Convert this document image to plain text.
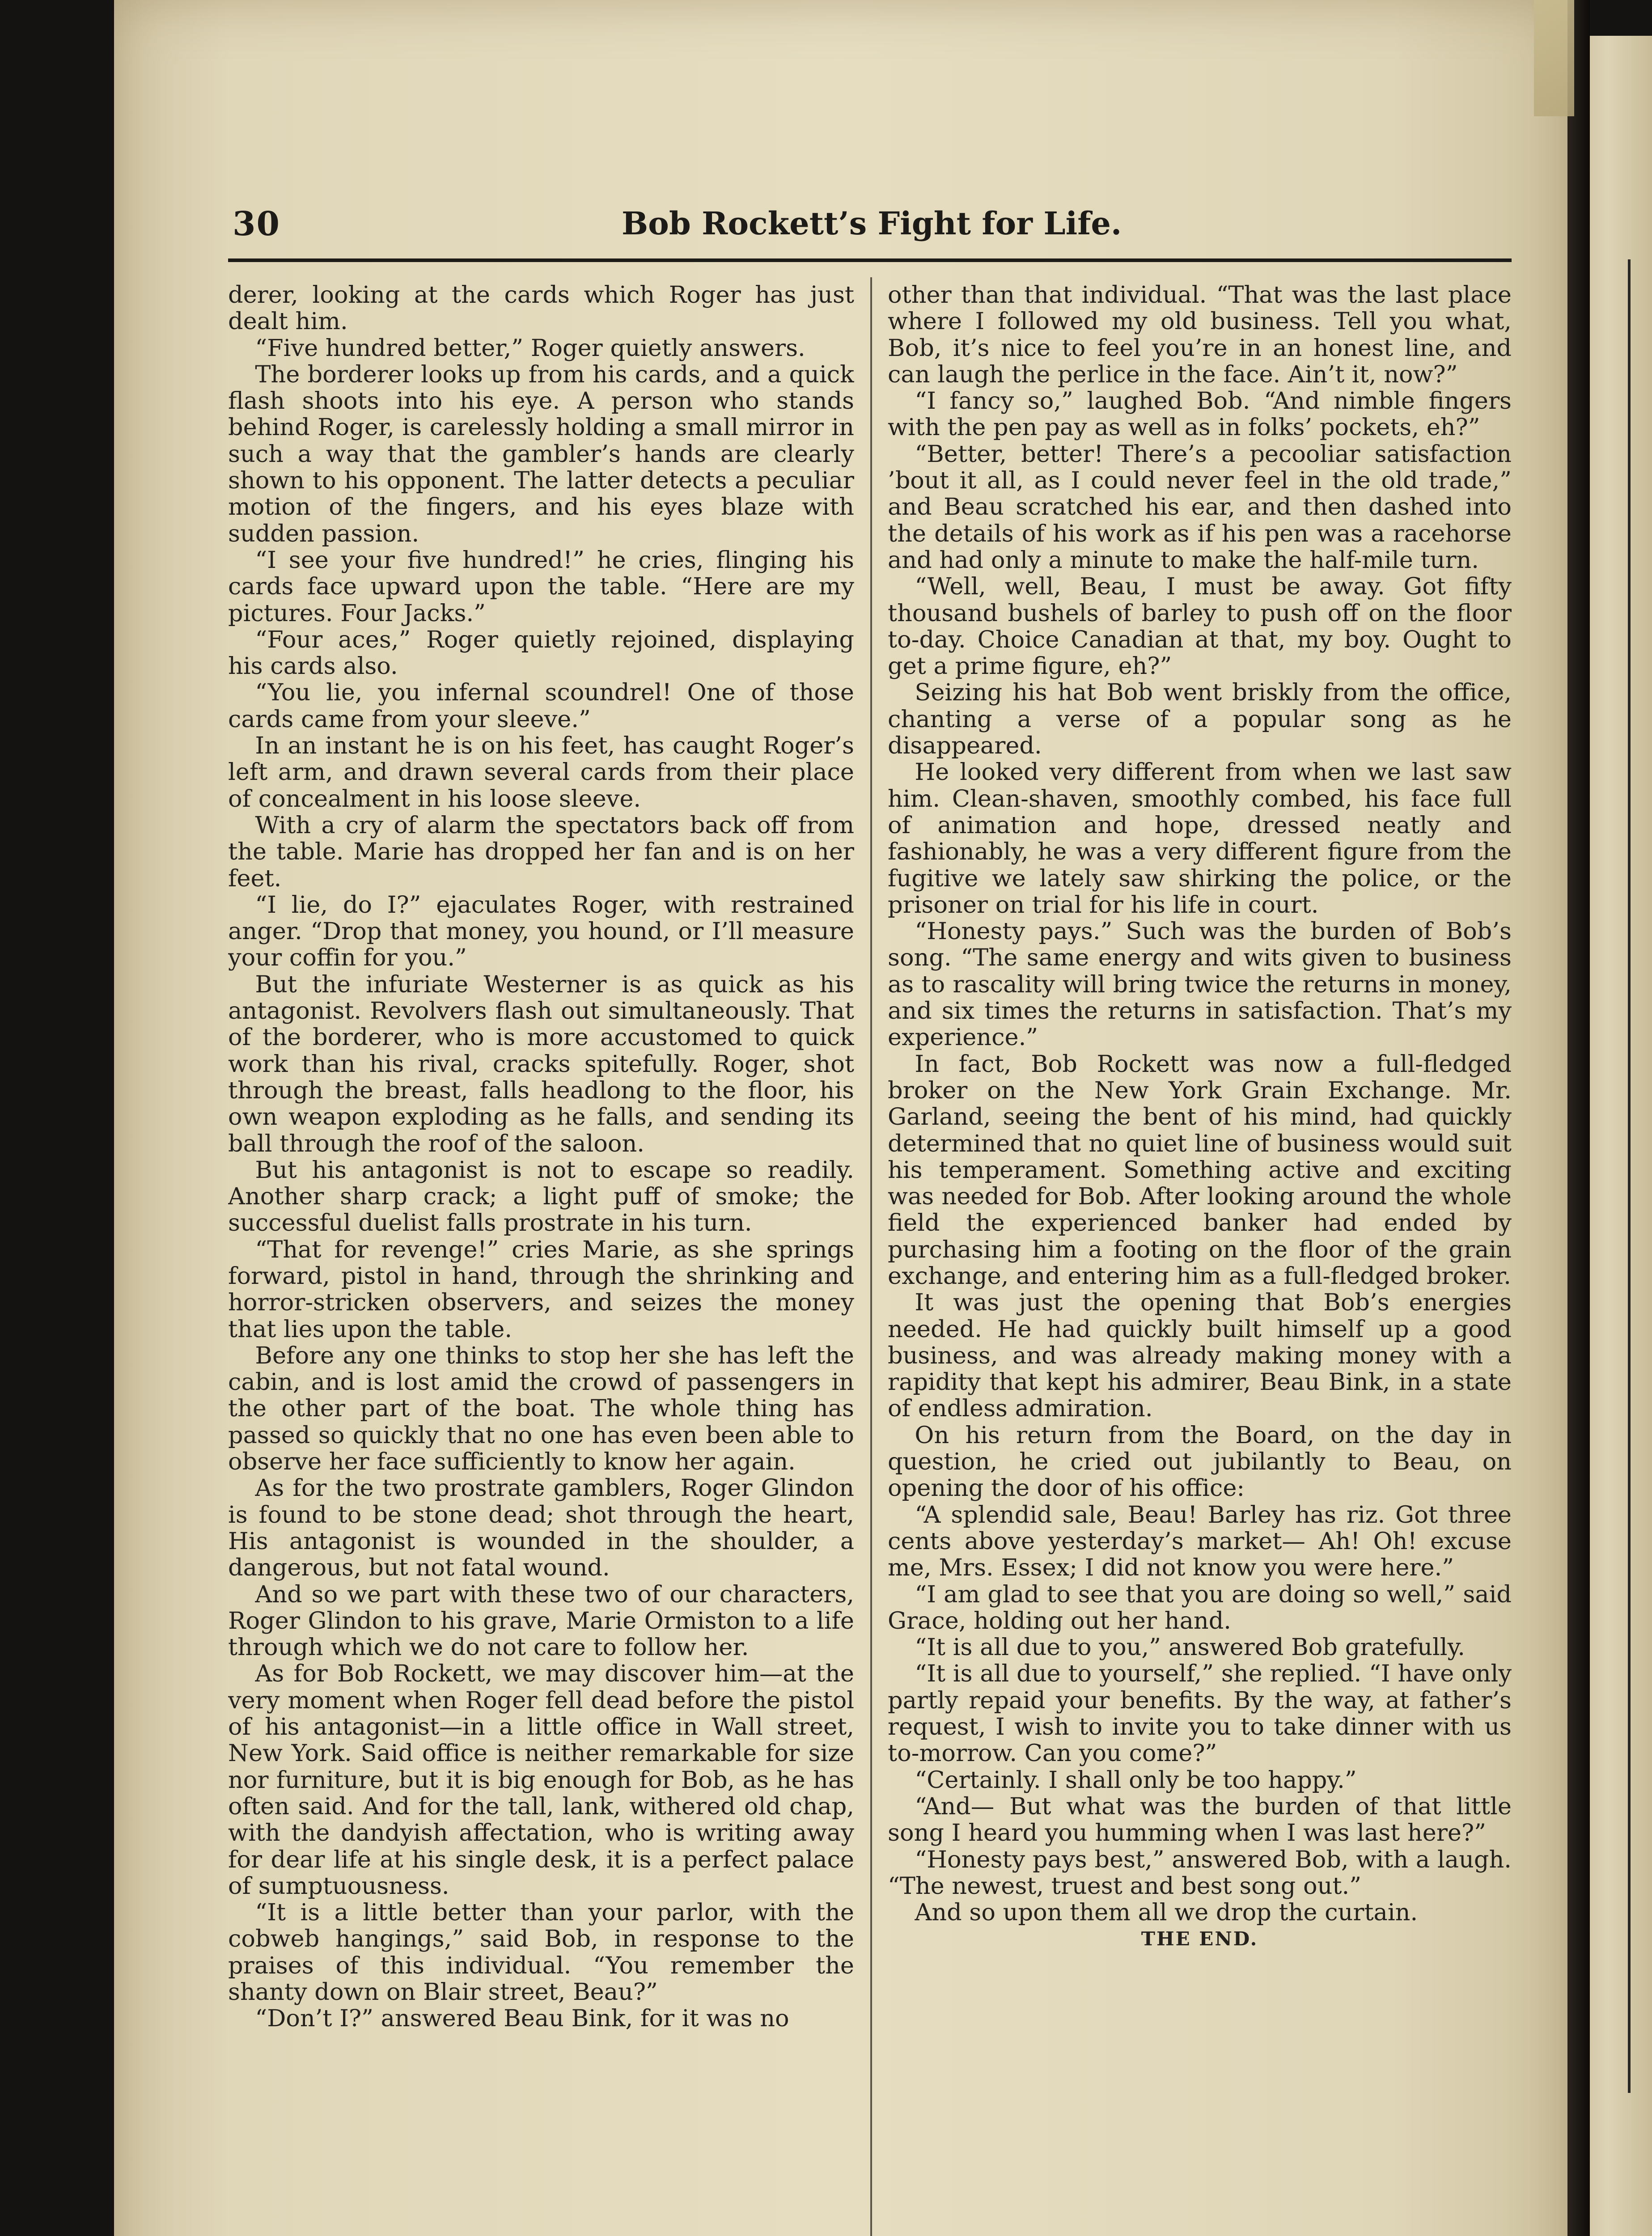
30	Bob Rockett’s Fight for Life.

derer, looking at the cards which Roger has just dealt him.

“Five hundred better,” Roger quietly answers.

The borderer looks up from his cards, and a quick flash shoots into his eye. A person who stands behind Roger, is carelessly holding a small mirror in such a way that the gambler’s hands are clearly shown to his opponent. The latter detects a peculiar motion of the fingers, and his eyes blaze with sudden passion.

“I see your five hundred!” he cries, flinging his cards face upward upon the table. “Here are my pictures. Four Jacks.”

“Four aces,” Roger quietly rejoined, displaying his cards also.

“You lie, you infernal scoundrel! One of those cards came from your sleeve.”

In an instant he is on his feet, has caught Roger’s left arm, and drawn several cards from their place of concealment in his loose sleeve.

With a cry of alarm the spectators back off from the table. Marie has dropped her fan and is on her feet.

“I lie, do I?” ejaculates Roger, with restrained anger. “Drop that money, you hound, or I’ll measure your coffin for you.”

But the infuriate Westerner is as quick as his antagonist. Revolvers flash out simultaneously. That of the borderer, who is more accustomed to quick work than his rival, cracks spitefully. Roger, shot through the breast, falls headlong to the floor, his own weapon exploding as he falls, and sending its ball through the roof of the saloon.

But his antagonist is not to escape so readily. Another sharp crack; a light puff of smoke; the successful duelist falls prostrate in his turn.

“That for revenge!” cries Marie, as she springs forward, pistol in hand, through the shrinking and horror-stricken observers, and seizes the money that lies upon the table.

Before any one thinks to stop her she has left the cabin, and is lost amid the crowd of passengers in the other part of the boat. The whole thing has passed so quickly that no one has even been able to observe her face sufficiently to know her again.

As for the two prostrate gamblers, Roger Glindon is found to be stone dead; shot through the heart, His antagonist is wounded in the shoulder, a dangerous, but not fatal wound.

And so we part with these two of our characters, Roger Glindon to his grave, Marie Ormiston to a life through which we do not care to follow her.

As for Bob Rockett, we may discover him—at the very moment when Roger fell dead before the pistol of his antagonist—in a little office in Wall street, New York. Said office is neither remarkable for size nor furniture, but it is big enough for Bob, as he has often said. And for the tall, lank, withered old chap, with the dandyish affectation, who is writing away for dear life at his single desk, it is a perfect palace of sumptuousness.

“It is a little better than your parlor, with the cobweb hangings,” said Bob, in response to the praises of this individual. “You remember the shanty down on Blair street, Beau?”

“Don’t I?” answered Beau Bink, for it was no

other than that individual. “That was the last place where I followed my old business. Tell you what, Bob, it’s nice to feel you’re in an honest line, and can laugh the perlice in the face. Ain’t it, now?”

“I fancy so,” laughed Bob. “And nimble fingers with the pen pay as well as in folks’ pockets, eh?”

“Better, better! There’s a pecooliar satisfaction ’bout it all, as I could never feel in the old trade,” and Beau scratched his ear, and then dashed into the details of his work as if his pen was a racehorse and had only a minute to make the half-mile turn.

“Well, well, Beau, I must be away. Got fifty thousand bushels of barley to push off on the floor to-day. Choice Canadian at that, my boy. Ought to get a prime figure, eh?”

Seizing his hat Bob went briskly from the office, chanting a verse of a popular song as he disappeared.

He looked very different from when we last saw him. Clean-shaven, smoothly combed, his face full of animation and hope, dressed neatly and fashionably, he was a very different figure from the fugitive we lately saw shirking the police, or the prisoner on trial for his life in court.

“Honesty pays.” Such was the burden of Bob’s song. “The same energy and wits given to business as to rascality will bring twice the returns in money, and six times the returns in satisfaction. That’s my experience.”

In fact, Bob Rockett was now a full-fledged broker on the New York Grain Exchange. Mr. Garland, seeing the bent of his mind, had quickly determined that no quiet line of business would suit his temperament. Something active and exciting was needed for Bob. After looking around the whole field the experienced banker had ended by purchasing him a footing on the floor of the grain exchange, and entering him as a full-fledged broker.

It was just the opening that Bob’s energies needed. He had quickly built himself up a good business, and was already making money with a rapidity that kept his admirer, Beau Bink, in a state of endless admiration.

On his return from the Board, on the day in question, he cried out jubilantly to Beau, on opening the door of his office:

“A splendid sale, Beau! Barley has riz. Got three cents above yesterday’s market— Ah! Oh! excuse me, Mrs. Essex; I did not know you were here.”

“I am glad to see that you are doing so well,” said Grace, holding out her hand.

“It is all due to you,” answered Bob gratefully.

“It is all due to yourself,” she replied. “I have only partly repaid your benefits. By the way, at father’s request, I wish to invite you to take dinner with us to-morrow. Can you come?”

“Certainly. I shall only be too happy.”

“And— But what was the burden of that little song I heard you humming when I was last here?”

“Honesty pays best,” answered Bob, with a laugh. “The newest, truest and best song out.”

And so upon them all we drop the curtain.

THE END.
